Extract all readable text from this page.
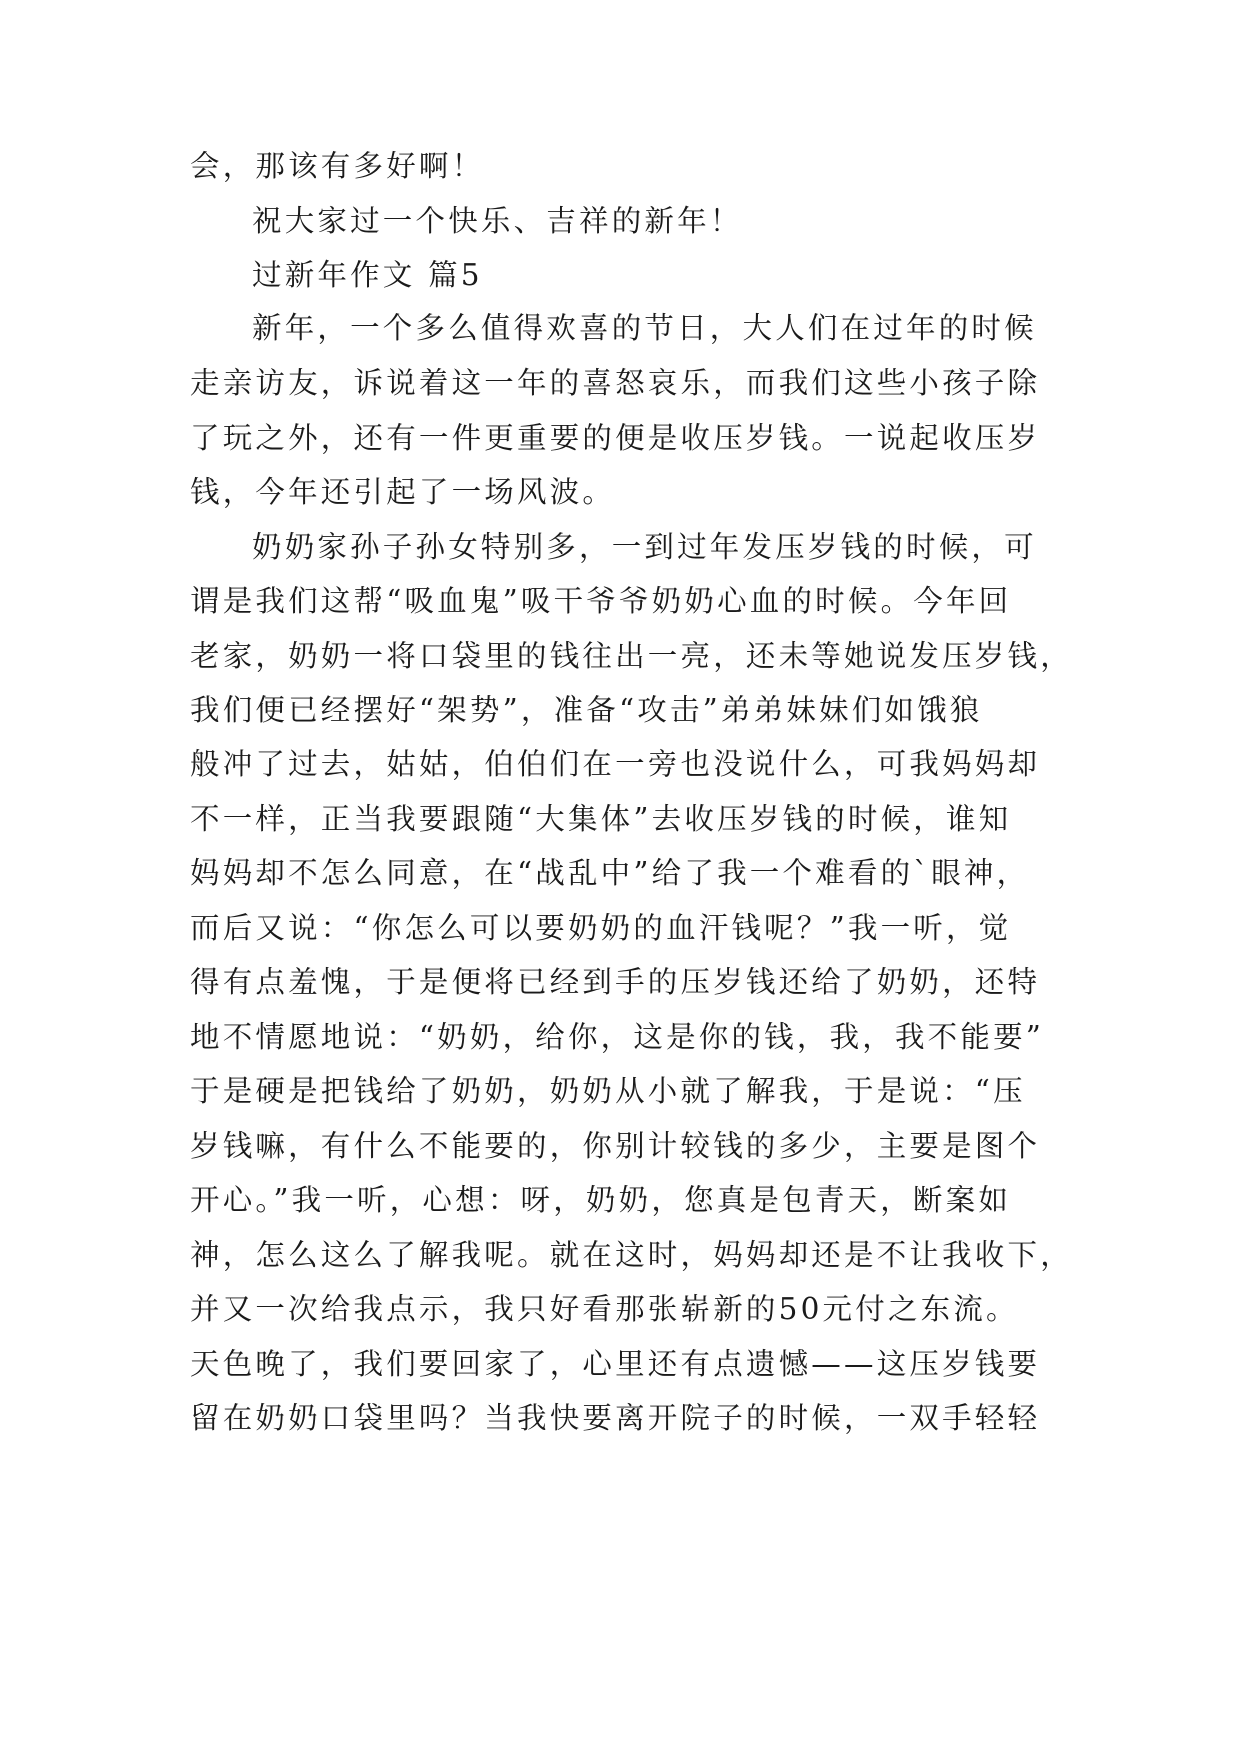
会，那该有多好啊！
祝大家过一个快乐、吉祥的新年！
过新年作文 篇5
新年，一个多么值得欢喜的节日，大人们在过年的时候
走亲访友，诉说着这一年的喜怒哀乐，而我们这些小孩子除
了玩之外，还有一件更重要的便是收压岁钱。一说起收压岁
钱，今年还引起了一场风波。
奶奶家孙子孙女特别多，一到过年发压岁钱的时候，可
谓是我们这帮“吸血鬼”吸干爷爷奶奶心血的时候。今年回
老家，奶奶一将口袋里的钱往出一亮，还未等她说发压岁钱，
我们便已经摆好“架势”，准备“攻击”弟弟妹妹们如饿狼
般冲了过去，姑姑，伯伯们在一旁也没说什么，可我妈妈却
不一样，正当我要跟随“大集体”去收压岁钱的时候，谁知
妈妈却不怎么同意，在“战乱中”给了我一个难看的`眼神，
而后又说：“你怎么可以要奶奶的血汗钱呢？”我一听，觉
得有点羞愧，于是便将已经到手的压岁钱还给了奶奶，还特
地不情愿地说：“奶奶，给你，这是你的钱，我，我不能要”
于是硬是把钱给了奶奶，奶奶从小就了解我，于是说：“压
岁钱嘛，有什么不能要的，你别计较钱的多少，主要是图个
开心。”我一听，心想：呀，奶奶，您真是包青天，断案如
神，怎么这么了解我呢。就在这时，妈妈却还是不让我收下，
并又一次给我点示，我只好看那张崭新的50元付之东流。
天色晚了，我们要回家了，心里还有点遗憾——这压岁钱要
留在奶奶口袋里吗？当我快要离开院子的时候，一双手轻轻
